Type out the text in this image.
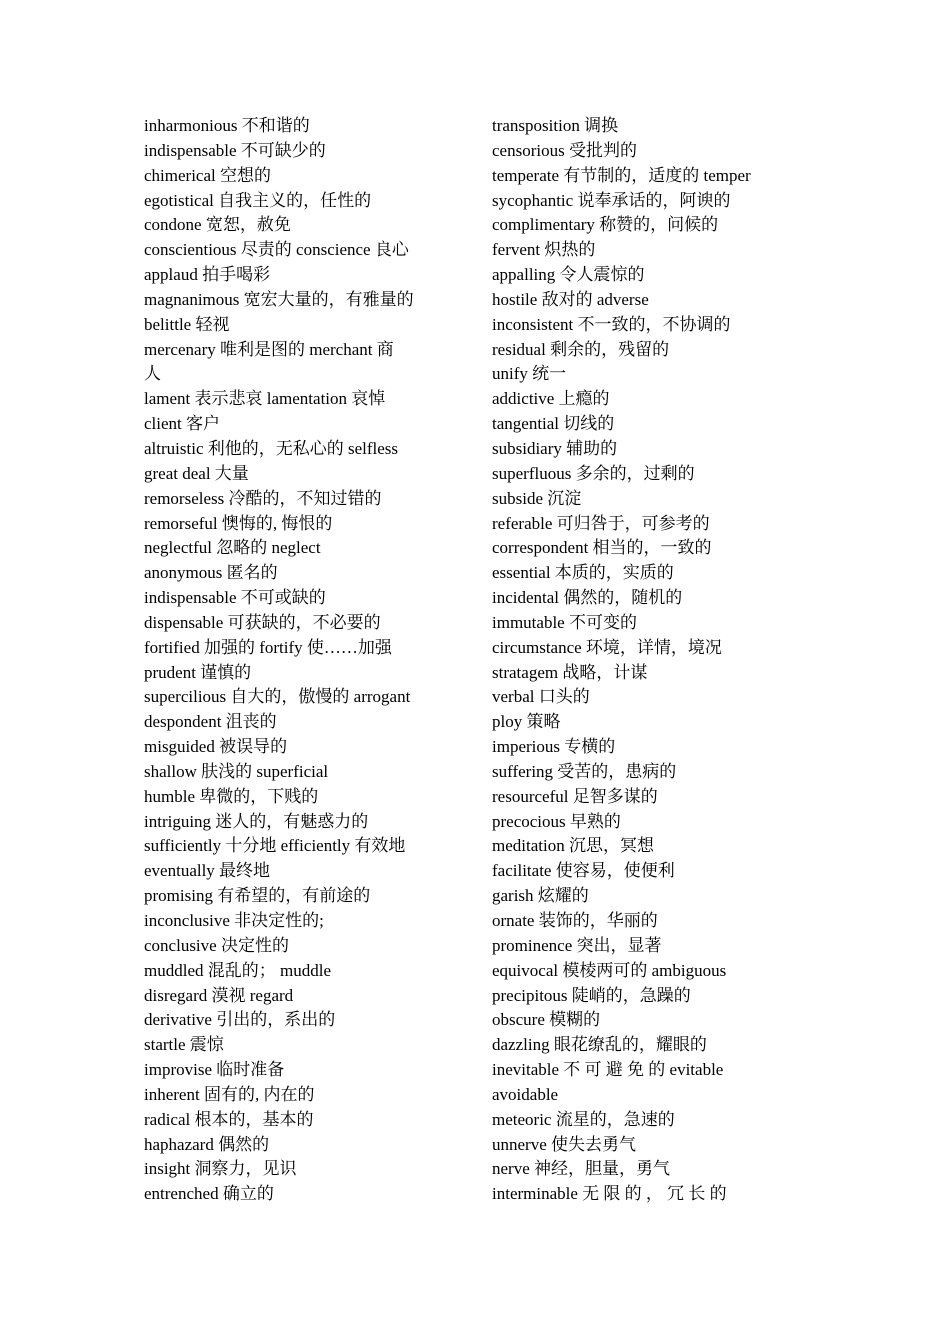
inharmonious 不和谐的
indispensable 不可缺少的
chimerical 空想的
egotistical 自我主义的，任性的
condone 宽恕，赦免
conscientious 尽责的 conscience 良心
applaud 拍手喝彩
magnanimous 宽宏大量的，有雅量的
belittle 轻视
mercenary 唯利是图的 merchant 商
人
lament 表示悲哀 lamentation 哀悼
client 客户
altruistic 利他的，无私心的 selfless
great deal 大量
remorseless 冷酷的，不知过错的
remorseful 懊悔的, 悔恨的
neglectful 忽略的 neglect
anonymous 匿名的
indispensable 不可或缺的
dispensable 可获缺的，不必要的
fortified 加强的 fortify 使……加强
prudent 谨慎的
supercilious 自大的，傲慢的 arrogant
despondent 沮丧的
misguided 被误导的
shallow 肤浅的 superficial
humble 卑微的，下贱的
intriguing 迷人的，有魅惑力的
sufficiently 十分地 efficiently 有效地
eventually 最终地
promising 有希望的，有前途的
inconclusive 非决定性的;
conclusive 决定性的
muddled 混乱的； muddle
disregard 漠视 regard
derivative 引出的，系出的
startle 震惊
improvise 临时准备
inherent 固有的, 内在的
radical 根本的，基本的
haphazard 偶然的
insight 洞察力，见识
entrenched 确立的
transposition 调换
censorious 受批判的
temperate 有节制的，适度的 temper
sycophantic 说奉承话的，阿谀的
complimentary 称赞的，问候的
fervent 炽热的
appalling 令人震惊的
hostile 敌对的 adverse
inconsistent 不一致的，不协调的
residual 剩余的，残留的
unify 统一
addictive 上瘾的
tangential 切线的
subsidiary 辅助的
superfluous 多余的，过剩的
subside 沉淀
referable 可归咎于，可参考的
correspondent 相当的，一致的
essential 本质的，实质的
incidental 偶然的，随机的
immutable 不可变的
circumstance 环境，详情，境况
stratagem 战略，计谋
verbal 口头的
ploy 策略
imperious 专横的
suffering 受苦的，患病的
resourceful 足智多谋的
precocious 早熟的
meditation 沉思，冥想
facilitate 使容易，使便利
garish 炫耀的
ornate 装饰的，华丽的
prominence 突出，显著
equivocal 模棱两可的 ambiguous
precipitous 陡峭的，急躁的
obscure 模糊的
dazzling 眼花缭乱的，耀眼的
inevitable 不 可 避 免 的 evitable
avoidable
meteoric 流星的，急速的
unnerve 使失去勇气
nerve 神经，胆量，勇气
interminable 无 限 的 ， 冗 长 的
